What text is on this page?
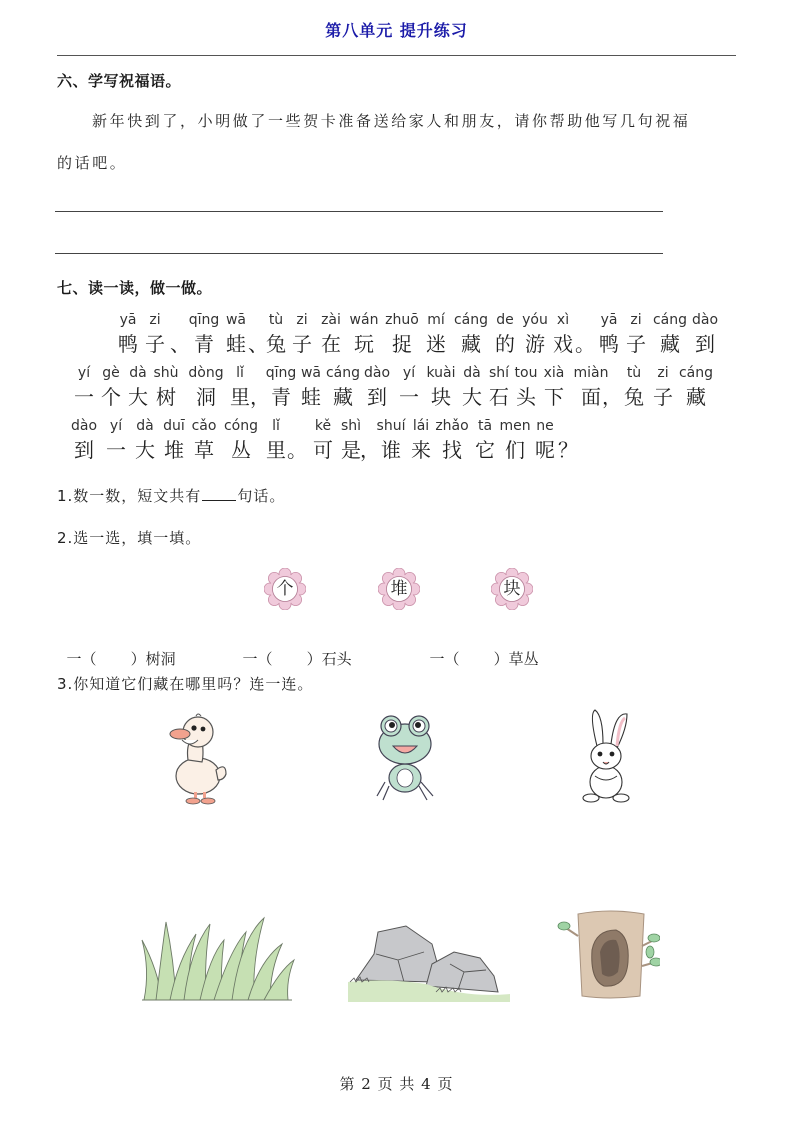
第八单元 提升练习
六、学写祝福语。
新年快到了，小明做了一些贺卡准备送给家人和朋友，请你帮助他写几句祝福
的话吧。
七、读一读，做一做。
yā
鸭
zi
子 、
qīng
青
wā
蛙 、
tù
兔
zi
子
zài
在
wán
玩
zhuō
捉
mí
迷
cáng
藏
de
的
yóu
游
xì
戏 。
yā
鸭
zi
子
cáng
藏
dào
到
yí
一
gè
个
dà
大
shù
树
dòng
洞
lǐ
里 ，
qīng
青
wā
蛙
cáng
藏
dào
到
yí
一
kuài
块
dà
大
shí
石
tou
头
xià
下
miàn
面 ，
tù
兔
zi
子
cáng
藏
dào
到
yí
一
dà
大
duī
堆
cǎo
草
cóng
丛
lǐ
里 。
kě
可
shì
是 ，
shuí
谁
lái
来
zhǎo
找
tā
它
men
们
ne
呢 ？
1.数一数，短文共有 句话。
2.选一选，填一填。
个	堆	块

一（ ）树洞	一（ ）石头	一（ ）草丛

3.你知道它们藏在哪里吗？连一连。
第 2 页 共 4 页
